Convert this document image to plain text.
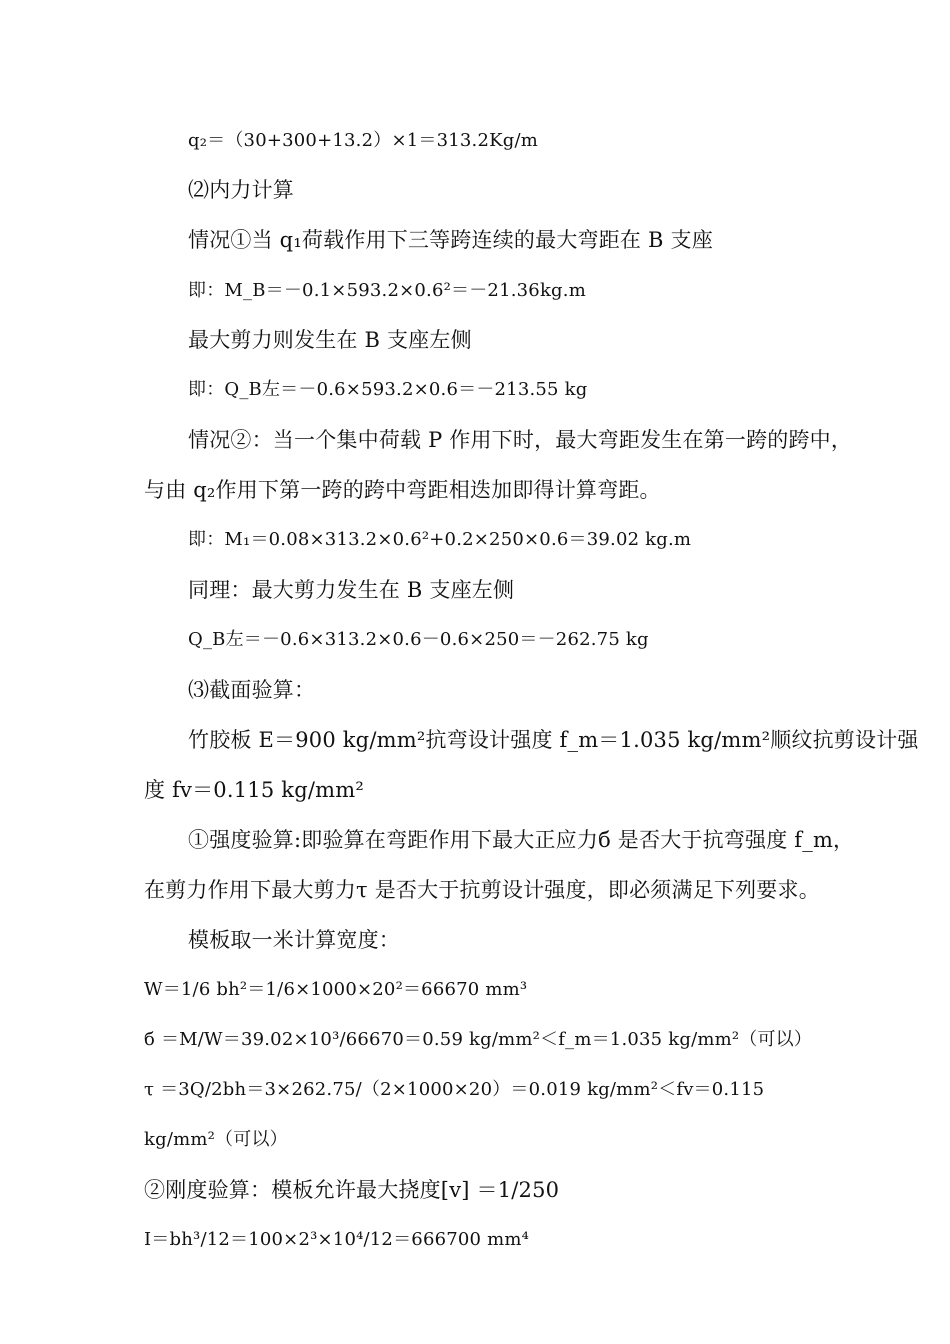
q₂＝（30+300+13.2）×1＝313.2Kg/m
⑵内力计算
情况①当 q₁荷载作用下三等跨连续的最大弯距在 B 支座
即：M_B＝－0.1×593.2×0.6²＝－21.36kg.m
最大剪力则发生在 B 支座左侧
即：Q_B左＝－0.6×593.2×0.6＝－213.55 kg
情况②：当一个集中荷载 P 作用下时，最大弯距发生在第一跨的跨中，
与由 q₂作用下第一跨的跨中弯距相迭加即得计算弯距。
即：M₁＝0.08×313.2×0.6²+0.2×250×0.6＝39.02 kg.m
同理：最大剪力发生在 B 支座左侧
Q_B左＝－0.6×313.2×0.6－0.6×250＝－262.75 kg
⑶截面验算：
竹胶板 E＝900 kg/mm²抗弯设计强度 f_m＝1.035 kg/mm²顺纹抗剪设计强
度 fv＝0.115 kg/mm²
①强度验算:即验算在弯距作用下最大正应力б 是否大于抗弯强度 f_m，
在剪力作用下最大剪力τ 是否大于抗剪设计强度，即必须满足下列要求。
模板取一米计算宽度：
W＝1/6 bh²＝1/6×1000×20²＝66670 mm³
б ＝M/W＝39.02×10³/66670＝0.59 kg/mm²＜f_m＝1.035 kg/mm²（可以）
τ ＝3Q/2bh＝3×262.75/（2×1000×20）＝0.019 kg/mm²＜fv＝0.115
kg/mm²（可以）
②刚度验算：模板允许最大挠度[v] ＝1/250
I＝bh³/12＝100×2³×10⁴/12＝666700 mm⁴
